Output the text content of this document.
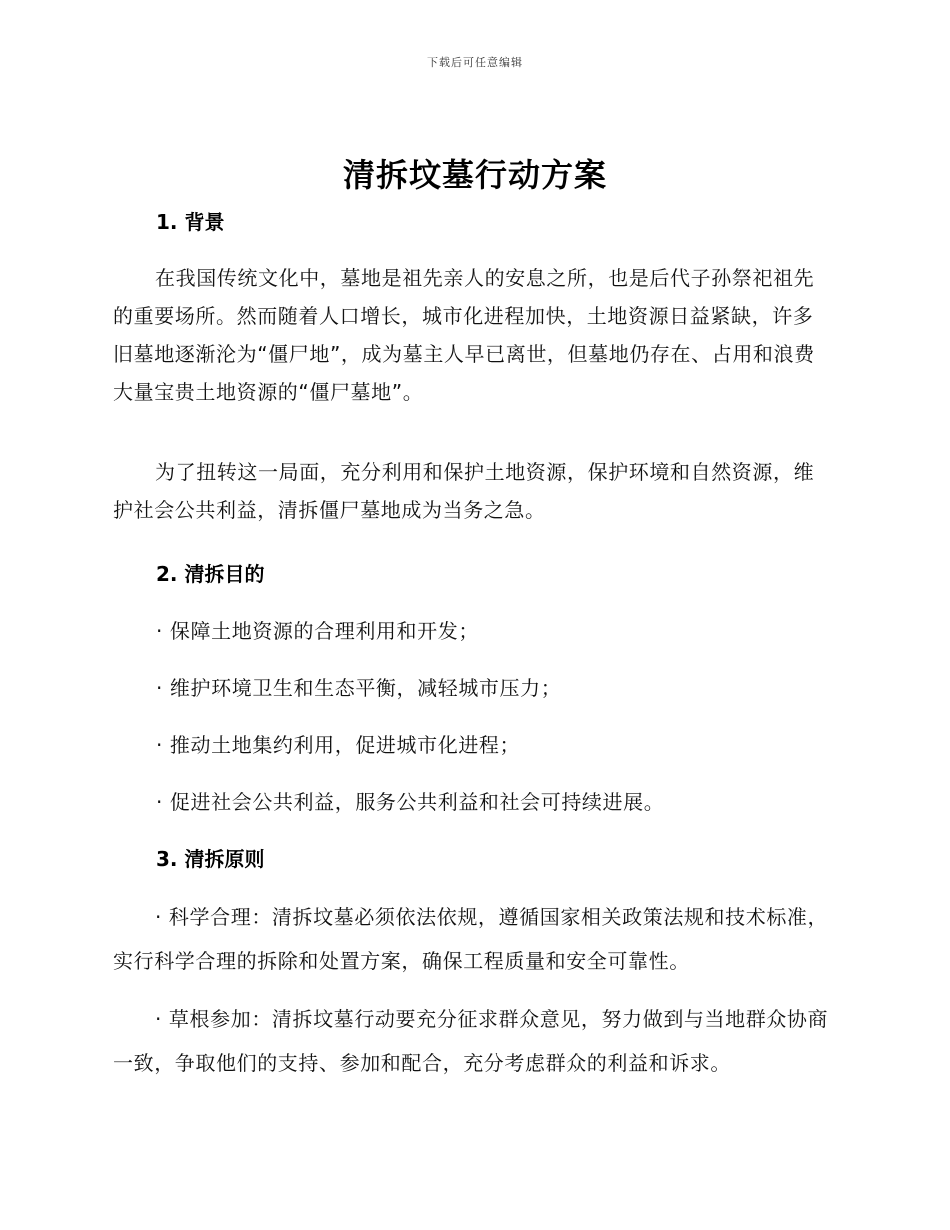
下载后可任意编辑
清拆坟墓行动方案
1. 背景

在我国传统文化中，墓地是祖先亲人的安息之所，也是后代子孙祭祀祖先的重要场所。然而随着人口增长，城市化进程加快，土地资源日益紧缺，许多旧墓地逐渐沦为“僵尸地”，成为墓主人早已离世，但墓地仍存在、占用和浪费大量宝贵土地资源的“僵尸墓地”。

为了扭转这一局面，充分利用和保护土地资源，保护环境和自然资源，维护社会公共利益，清拆僵尸墓地成为当务之急。

2. 清拆目的

· 保障土地资源的合理利用和开发；

· 维护环境卫生和生态平衡，减轻城市压力；

· 推动土地集约利用，促进城市化进程；

· 促进社会公共利益，服务公共利益和社会可持续进展。

3. 清拆原则

· 科学合理：清拆坟墓必须依法依规，遵循国家相关政策法规和技术标准，实行科学合理的拆除和处置方案，确保工程质量和安全可靠性。

· 草根参加：清拆坟墓行动要充分征求群众意见，努力做到与当地群众协商一致，争取他们的支持、参加和配合，充分考虑群众的利益和诉求。
